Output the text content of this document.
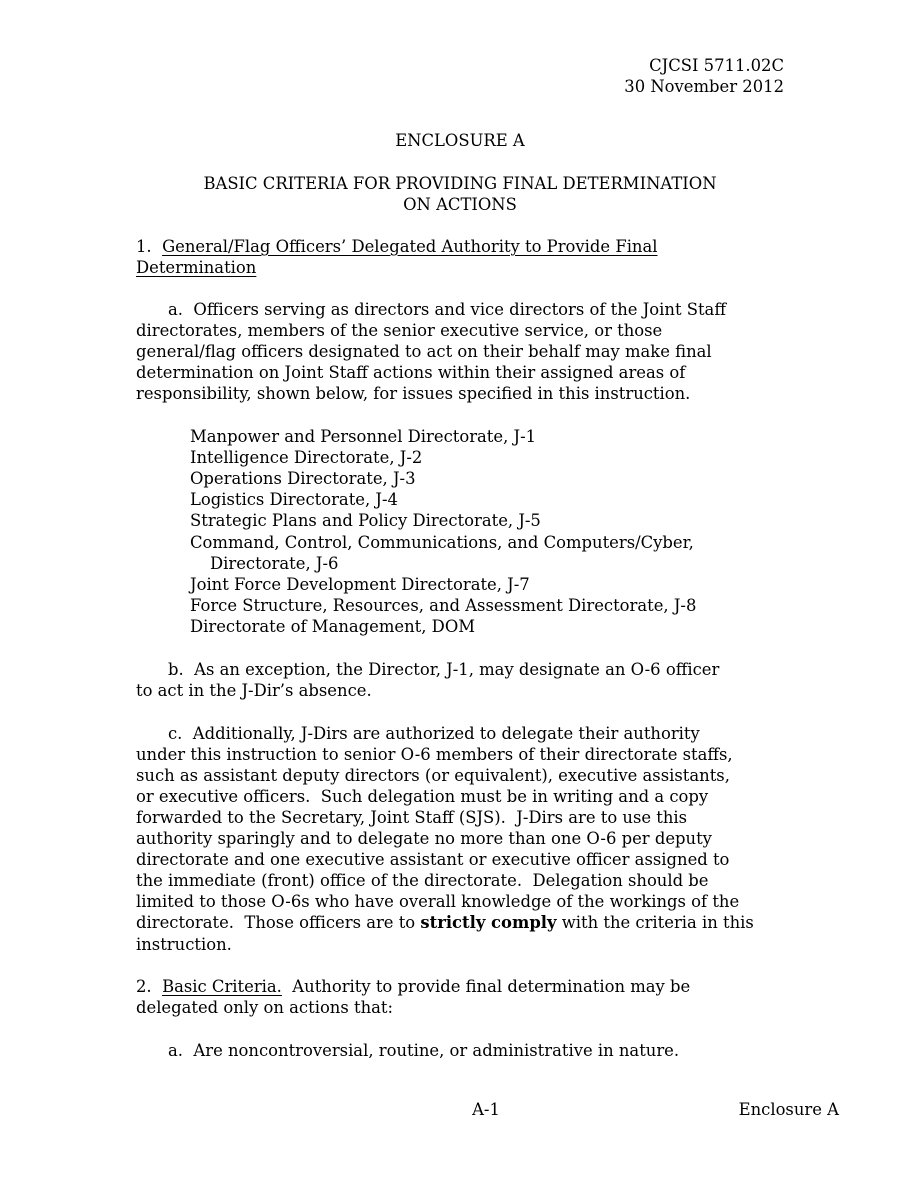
CJCSI 5711.02C

30 November 2012

ENCLOSURE A

BASIC CRITERIA FOR PROVIDING FINAL DETERMINATION

ON ACTIONS

1.  General/Flag Officers’ Delegated Authority to Provide Final

Determination

a.  Officers serving as directors and vice directors of the Joint Staff

directorates, members of the senior executive service, or those

general/flag officers designated to act on their behalf may make final

determination on Joint Staff actions within their assigned areas of

responsibility, shown below, for issues specified in this instruction.

Manpower and Personnel Directorate, J-1

Intelligence Directorate, J-2

Operations Directorate, J-3

Logistics Directorate, J-4

Strategic Plans and Policy Directorate, J-5

Command, Control, Communications, and Computers/Cyber,

Directorate, J-6

Joint Force Development Directorate, J-7

Force Structure, Resources, and Assessment Directorate, J-8

Directorate of Management, DOM

b.  As an exception, the Director, J-1, may designate an O-6 officer

to act in the J-Dir’s absence.

c.  Additionally, J-Dirs are authorized to delegate their authority

under this instruction to senior O-6 members of their directorate staffs,

such as assistant deputy directors (or equivalent), executive assistants,

or executive officers.  Such delegation must be in writing and a copy

forwarded to the Secretary, Joint Staff (SJS).  J-Dirs are to use this

authority sparingly and to delegate no more than one O-6 per deputy

directorate and one executive assistant or executive officer assigned to

the immediate (front) office of the directorate.  Delegation should be

limited to those O-6s who have overall knowledge of the workings of the

directorate.  Those officers are to strictly comply with the criteria in this

instruction.

2.  Basic Criteria.  Authority to provide final determination may be

delegated only on actions that:

a.  Are noncontroversial, routine, or administrative in nature.

A-1	Enclosure A
